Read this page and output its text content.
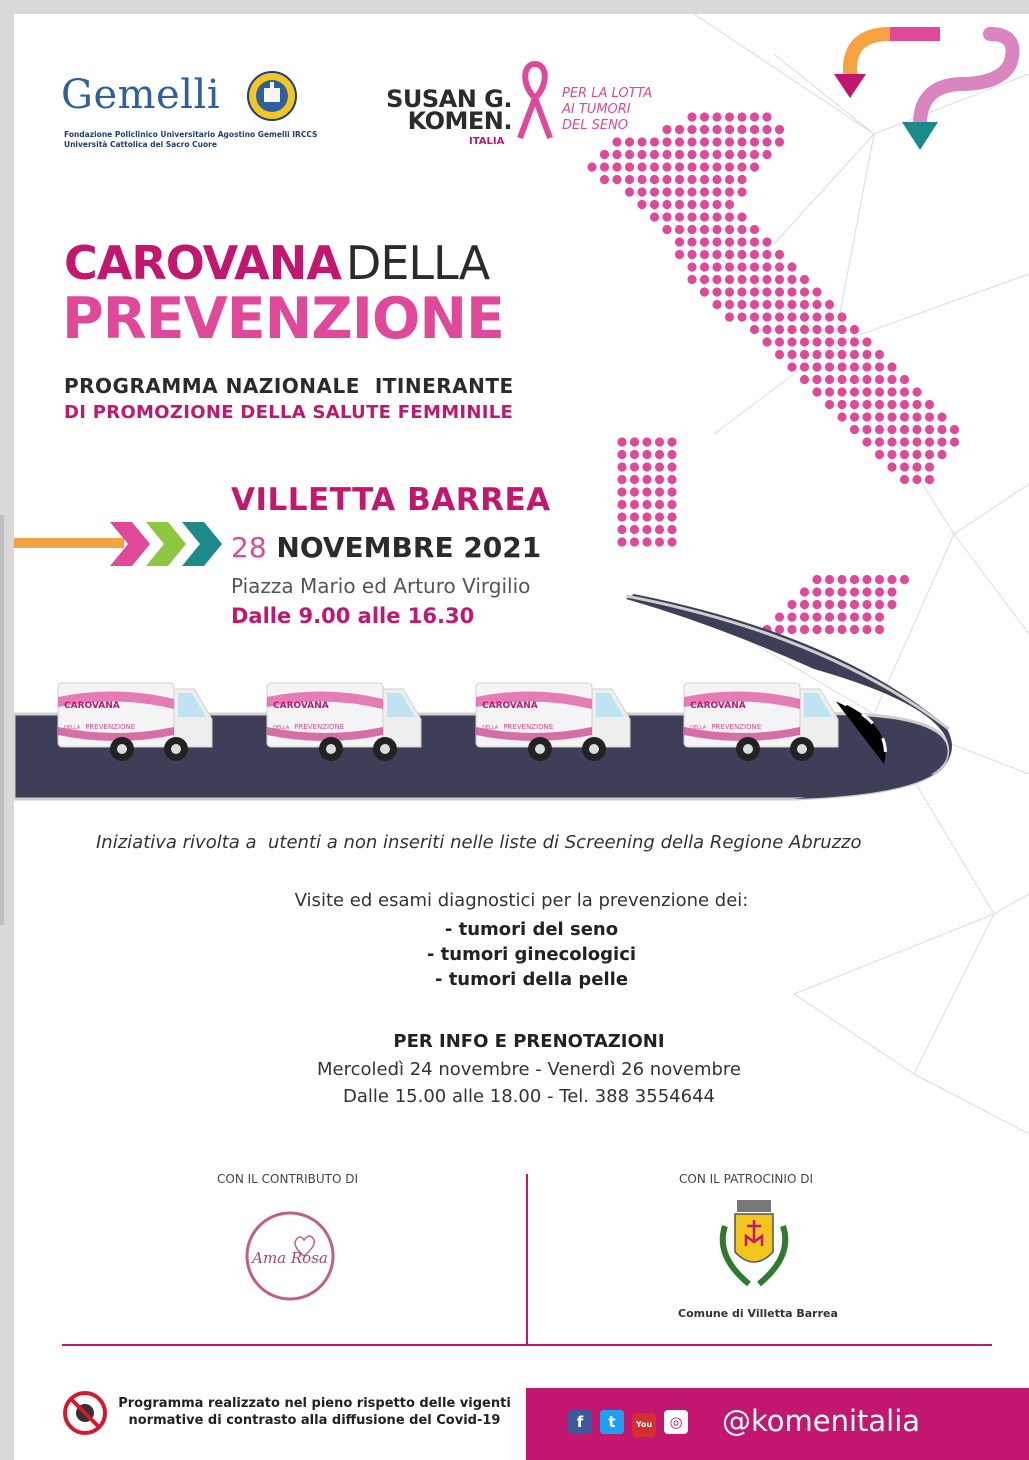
Gemelli
Fondazione Policlinico Universitario Agostino Gemelli IRCCS
Università Cattolica del Sacro Cuore
SUSAN G.
KOMEN.
ITALIA
PER LA LOTTA
AI TUMORI
DEL SENO
CAROVANA DELLA
PREVENZIONE
PROGRAMMA NAZIONALE  ITINERANTE
DI PROMOZIONE DELLA SALUTE FEMMINILE
VILLETTA BARREA
28 NOVEMBRE 2021
Piazza Mario ed Arturo Virgilio
Dalle 9.00 alle 16.30
CAROVANA
DELLA PREVENZIONE
CAROVANA
DELLA PREVENZIONE
CAROVANA
DELLA PREVENZIONE
CAROVANA
DELLA PREVENZIONE
Iniziativa rivolta a  utenti a non inseriti nelle liste di Screening della Regione Abruzzo
Visite ed esami diagnostici per la prevenzione dei:
- tumori del seno
- tumori ginecologici
- tumori della pelle
PER INFO E PRENOTAZIONI
Mercoledì 24 novembre - Venerdì 26 novembre
Dalle 15.00 alle 18.00 - Tel. 388 3554644
CON IL CONTRIBUTO DI
Ama Rosa
CON IL PATROCINIO DI
Comune di Villetta Barrea
Programma realizzato nel pieno rispetto delle vigenti
normative di contrasto alla diffusione del Covid-19	f t	You ◎	@komenitalia
